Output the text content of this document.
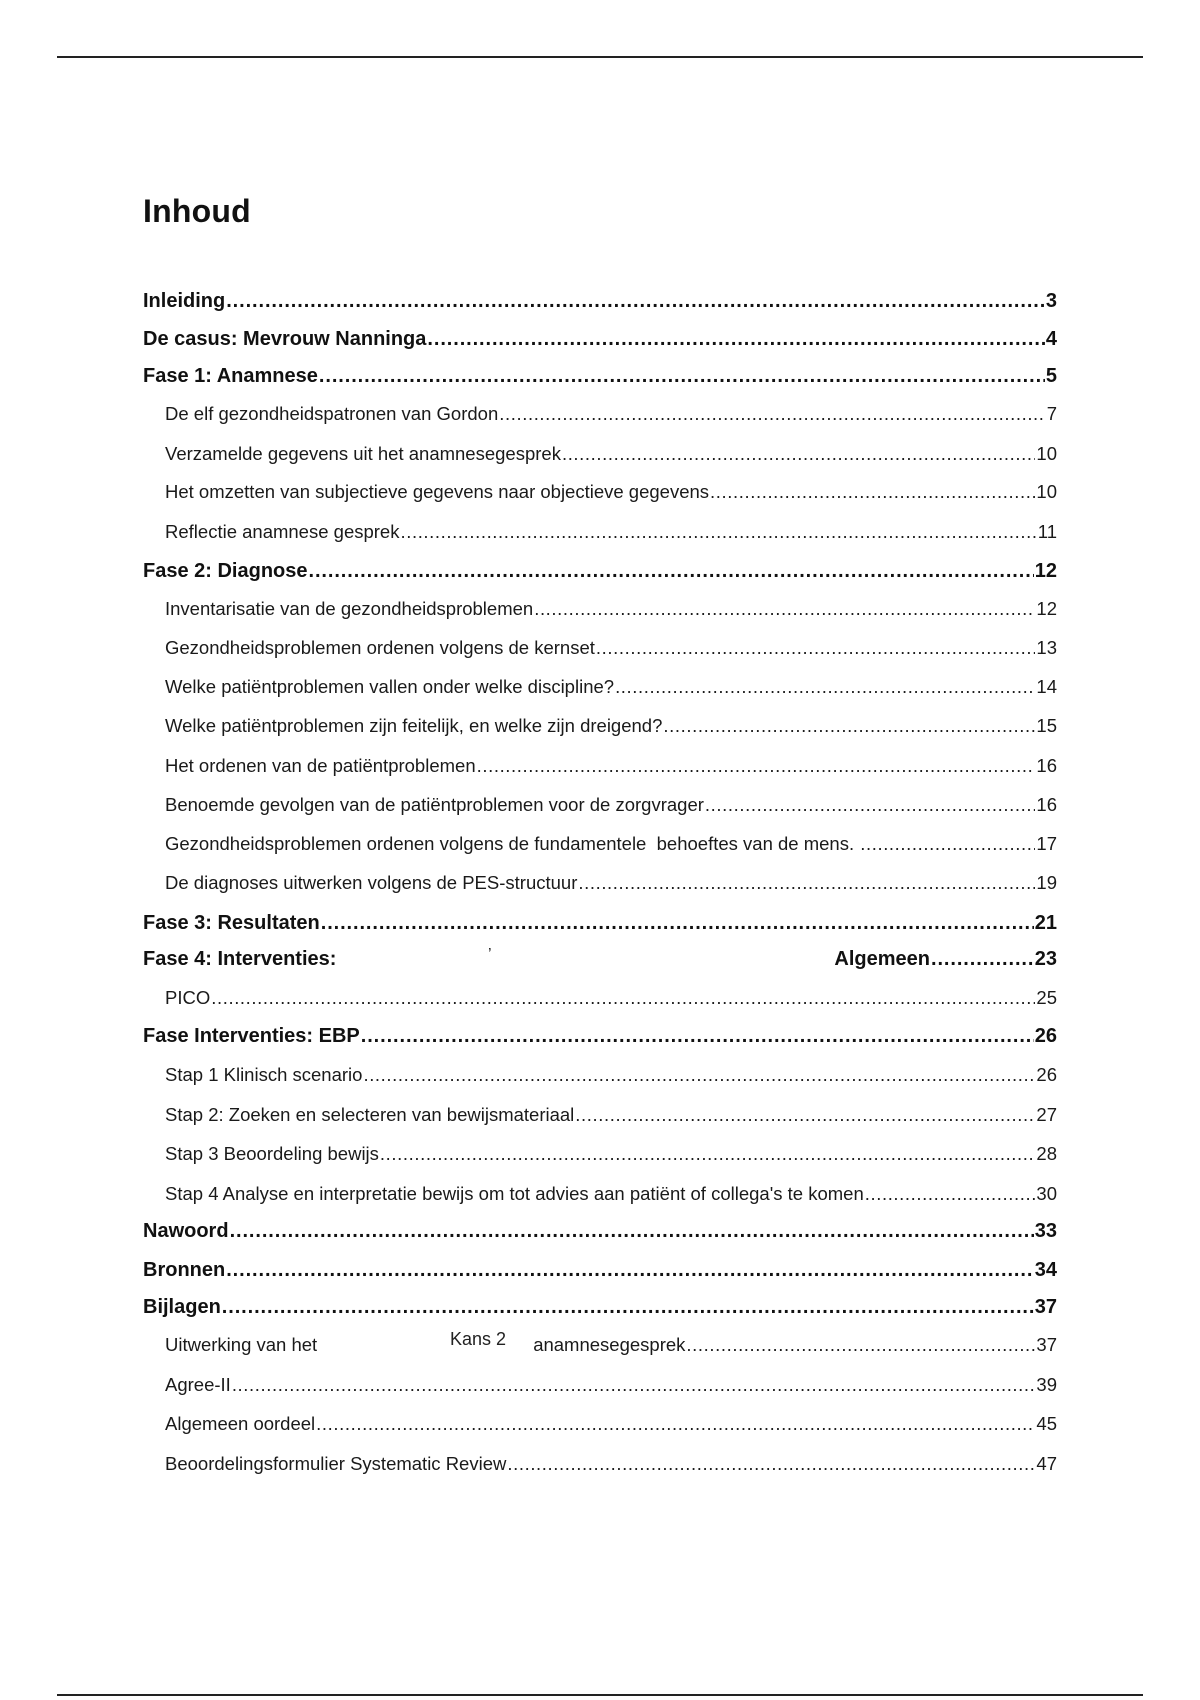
Inhoud
Inleiding .....	3
De casus: Mevrouw Nanninga .....	4
Fase 1: Anamnese .....	5
De elf gezondheidspatronen van Gordon .....	7
Verzamelde gegevens uit het anamnesegesprek .....	10
Het omzetten van subjectieve gegevens naar objectieve gegevens .....	10
Reflectie anamnese gesprek .....	11
Fase 2: Diagnose .....	12
Inventarisatie van de gezondheidsproblemen .....	12
Gezondheidsproblemen ordenen volgens de kernset .....	13
Welke patiëntproblemen vallen onder welke discipline? .....	14
Welke patiëntproblemen zijn feitelijk, en welke zijn dreigend? .....	15
Het ordenen van de patiëntproblemen .....	16
Benoemde gevolgen van de patiëntproblemen voor de zorgvrager .....	16
Gezondheidsproblemen ordenen volgens de fundamentele  behoeftes van de mens. .....	17
De diagnoses uitwerken volgens de PES-structuur .....	19
Fase 3: Resultaten .....	21
Fase 4: Interventies:	Algemeen .....	23
PICO .....	25
Fase Interventies: EBP .....	26
Stap 1 Klinisch scenario .....	26
Stap 2: Zoeken en selecteren van bewijsmateriaal .....	27
Stap 3 Beoordeling bewijs .....	28
Stap 4 Analyse en interpretatie bewijs om tot advies aan patiënt of collega's te komen .....	30
Nawoord .....	33
Bronnen .....	34
Bijlagen .....	37
Uitwerking van het	anamnesegesprek .....	37
Agree-II .....	39
Algemeen oordeel .....	45
Beoordelingsformulier Systematic Review .....	47
’
Kans 2
